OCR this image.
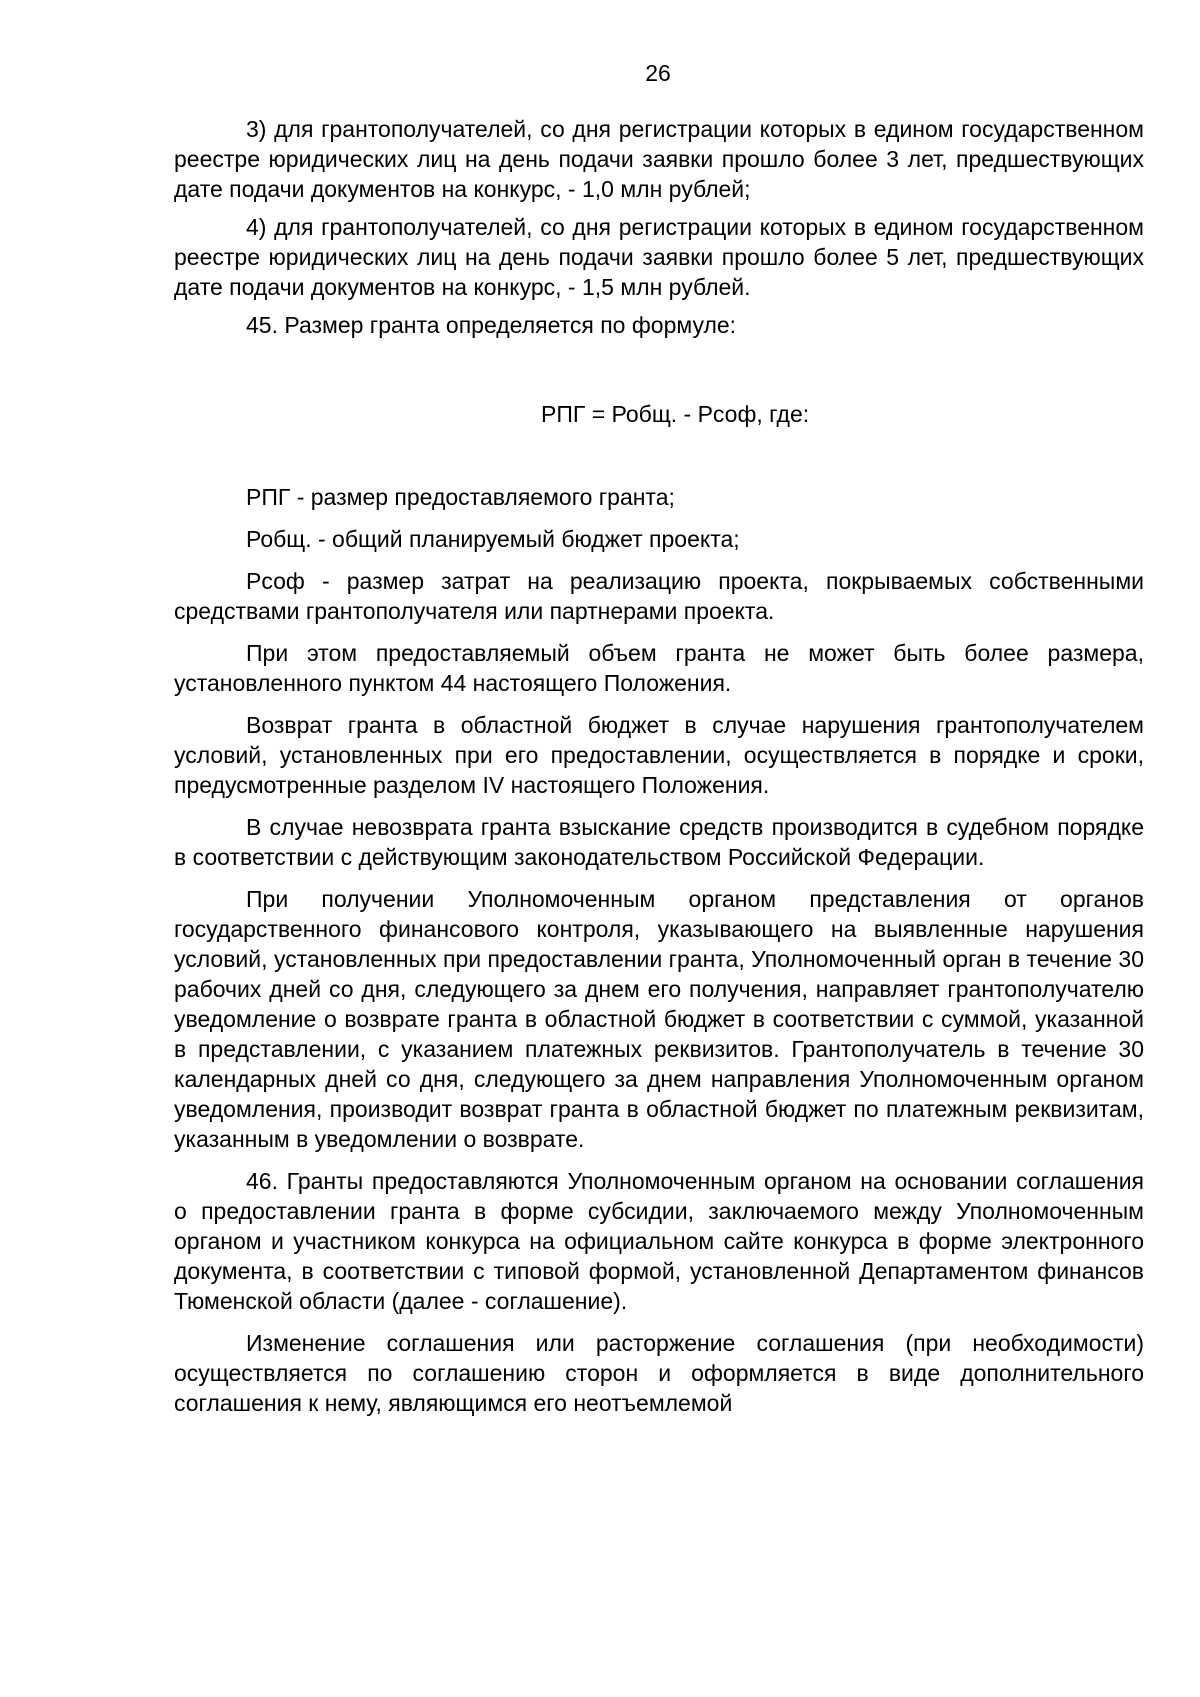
26

3) для грантополучателей, со дня регистрации которых в едином государственном реестре юридических лиц на день подачи заявки прошло более 3 лет, предшествующих дате подачи документов на конкурс, - 1,0 млн рублей;

4) для грантополучателей, со дня регистрации которых в едином государственном реестре юридических лиц на день подачи заявки прошло более 5 лет, предшествующих дате подачи документов на конкурс, - 1,5 млн рублей.

45. Размер гранта определяется по формуле:

РПГ = Робщ. - Рсоф, где:

РПГ - размер предоставляемого гранта;

Робщ. - общий планируемый бюджет проекта;

Рсоф - размер затрат на реализацию проекта, покрываемых собственными средствами грантополучателя или партнерами проекта.

При этом предоставляемый объем гранта не может быть более размера, установленного пунктом 44 настоящего Положения.

Возврат гранта в областной бюджет в случае нарушения грантополучателем условий, установленных при его предоставлении, осуществляется в порядке и сроки, предусмотренные разделом IV настоящего Положения.

В случае невозврата гранта взыскание средств производится в судебном порядке в соответствии с действующим законодательством Российской Федерации.

При получении Уполномоченным органом представления от органов государственного финансового контроля, указывающего на выявленные нарушения условий, установленных при предоставлении гранта, Уполномоченный орган в течение 30 рабочих дней со дня, следующего за днем его получения, направляет грантополучателю уведомление о возврате гранта в областной бюджет в соответствии с суммой, указанной в представлении, с указанием платежных реквизитов. Грантополучатель в течение 30 календарных дней со дня, следующего за днем направления Уполномоченным органом уведомления, производит возврат гранта в областной бюджет по платежным реквизитам, указанным в уведомлении о возврате.

46. Гранты предоставляются Уполномоченным органом на основании соглашения о предоставлении гранта в форме субсидии, заключаемого между Уполномоченным органом и участником конкурса на официальном сайте конкурса в форме электронного документа, в соответствии с типовой формой, установленной Департаментом финансов Тюменской области (далее - соглашение).

Изменение соглашения или расторжение соглашения (при необходимости) осуществляется по соглашению сторон и оформляется в виде дополнительного соглашения к нему, являющимся его неотъемлемой
